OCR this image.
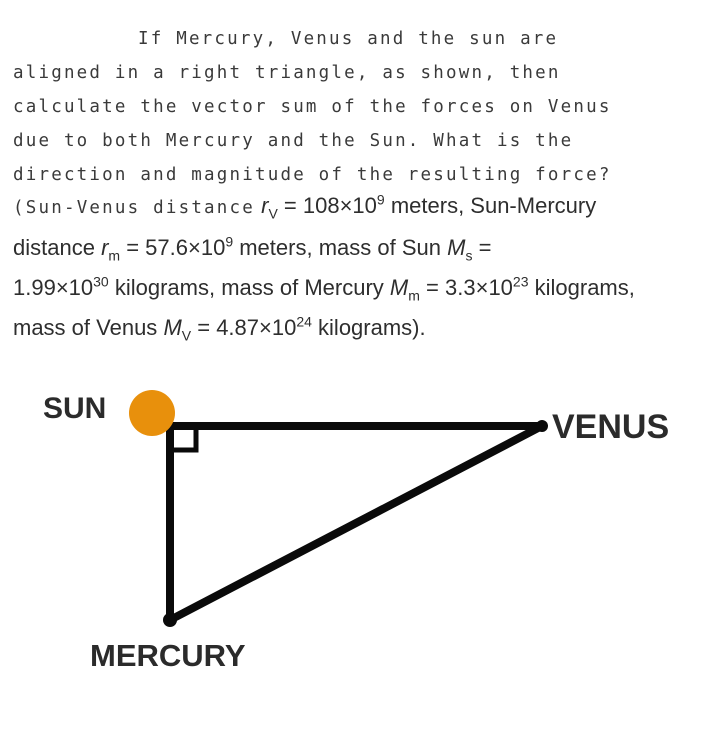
If Mercury, Venus and the sun are
aligned in a right triangle, as shown, then
calculate the vector sum of the forces on Venus
due to both Mercury and the Sun. What is the
direction and magnitude of the resulting force?
(Sun-Venus distance $r_V = 108\times 10^9$ meters, Sun-Mercury
distance $r_m = 57.6\times 10^9$ meters, mass of Sun $M_s$ =
$1.99\times 10^{30}$ kilograms, mass of Mercury $M_m = 3.3\times 10^{23}$ kilograms,
mass of Venus $M_V = 4.87\times 10^{24}$ kilograms).
SUN	VENUS
MERCURY
